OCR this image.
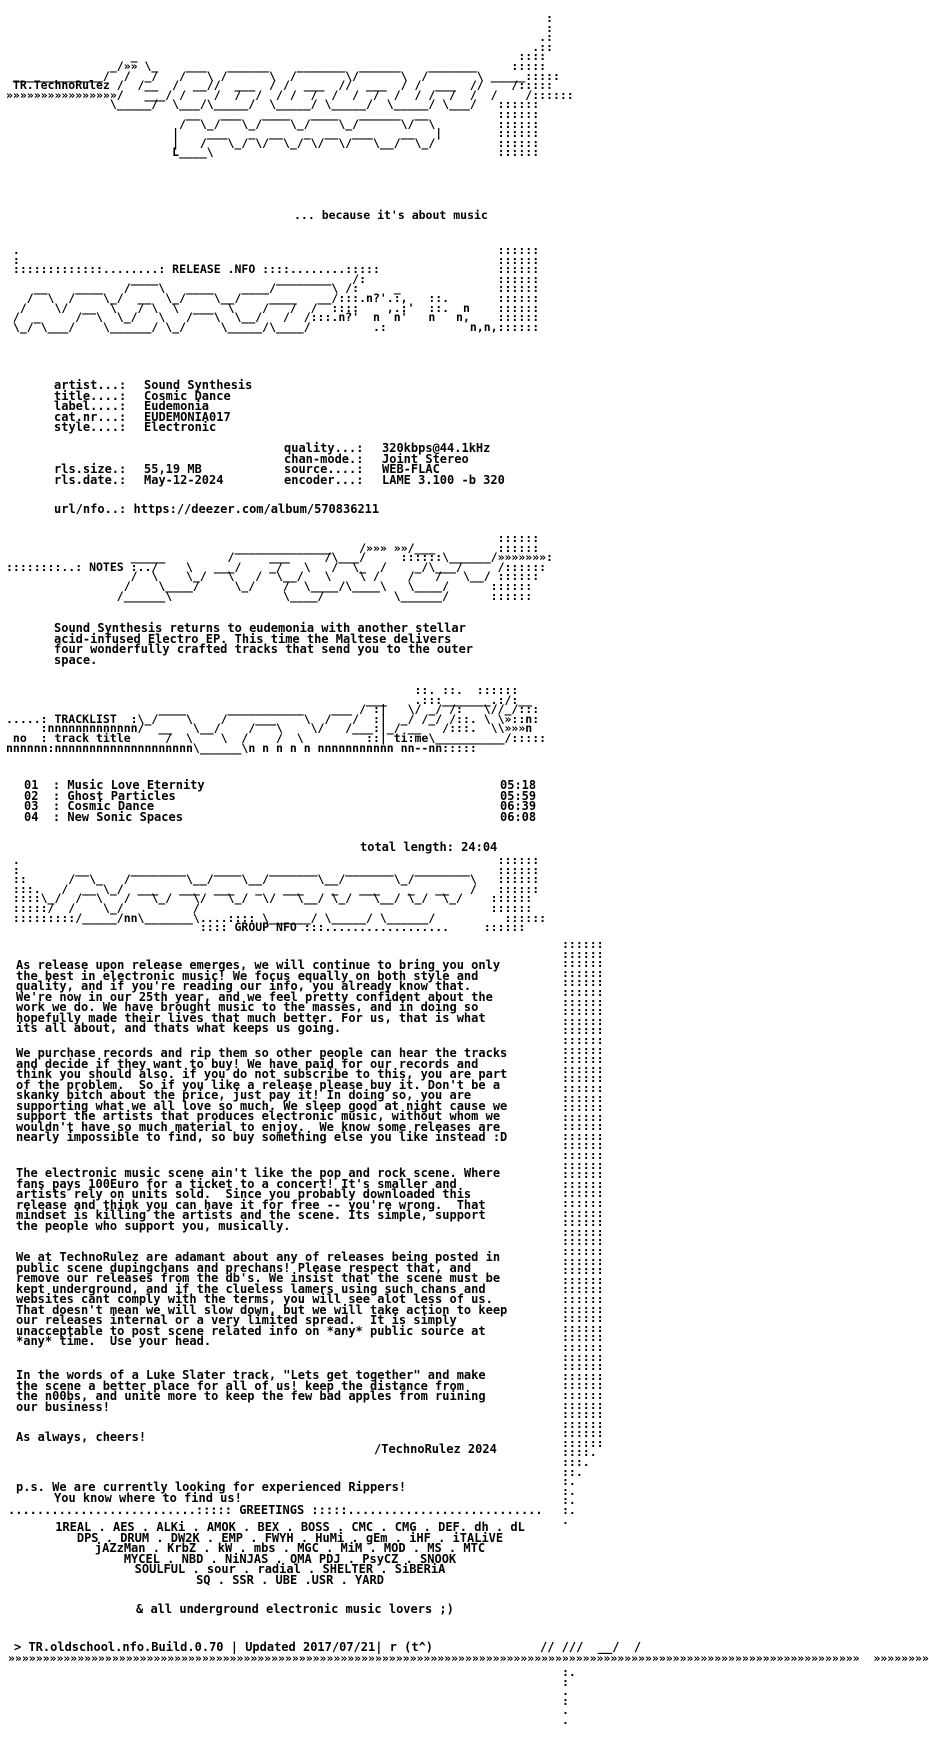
:
:
.:
.::
_                                                       ::::
_/»» \_    ___   ______    _______  ______    _______     :::::
_____________/  /  _/   /   \ /      \  /       \/      \  /       \ _____:::::
TR.TechnoRulez /  /__  /  __//  ___  / /  ___  //  ___  / /  ___  //    /:::::
»»»»»»»»»»»»»»»»/   ___/ /    /  /  /  / /  /  /  /  /  /  / /  /  /  /    /::::::
\_____/  \___/\_____/  \_____/ \_____/  \_____/ \___/   ::::::
__   ___   ____   ____   ______  __          ::::::
/  \_/   \_/    \_/    \_/      \/  \         ::::::
|    ___   _  __   _  __  ___    __   |        ::::::
|   /   \_/ \/  \_/ \/  \/   \__/  \_/         ::::::
L____\                                         ::::::
... because it's about music
.                                                                     ::::::
:                                                                     ::::::
:::::::::::::........: RELEASE .NFO ::::........:::::                 ::::::
____                 ________   /:                   ::::::
__    ____   /    \   ____    ____/        \ /:     _              ::::::
/  \  /    \_/  __  \_/    \__/    ____   __/:::.n?'.:,   ::.       ::::::
/    \/  __  \   / \  \  ___  \    /   /  /  ::::    ,.:'  ::.  n    ::::::
/  _     /  \  \_/   \   /   \  \__/   /  /:::.n?'  n  n'   n   n,    ::::::
\_/ \___/    \______/ \_/     \_____/\____/         .:            n,n,::::::
artist...:
title....:
label....:
cat.nr...:
style....:
Sound Synthesis
Cosmic Dance
Eudemonia
EUDEMONIA017
Electronic
rls.size.:
rls.date.:
55,19 MB
May-12-2024
quality...:
chan-mode.:
source....:
encoder...:
320kbps@44.1kHz
Joint Stereo
WEB-FLAC
LAME 3.100 -b 320
url/nfo..: https://deezer.com/album/570836211
::::::
______________    /»»» »»/___         ::::::
_____         /     ___     /\___/     ::::::\______/»»»»»»»:
::::::::..: NOTES :../    \   ___/    _/   \   /  \_  /    _/\___/     /::::::
/  \    \_/   \   /  \__/   \    \ /    /   /   \__/ ::::::
/    \____/     \_/    /  \____/\____\   \____/      ::::::
/______\                \____/          \______/      ::::::
Sound Synthesis returns to eudemonia with another stellar
acid-infused Electro EP. This time the Maltese delivers
four wonderfully crafted tracks that send you to the outer
space.
::. ::.  ::::::
___    .:::_______.:/:__
____      ___________    ___ / :|   \/ _/ /:   \//_/:::
.....: TRACKLIST  :\_/    \    /    ___    \  /   /  :|  _/ /_/ /::. \ \»::n:
:nnnnnnnnnnnnn/  __   \__/    /   \    \/   /___:|_/ __   /:::.  \\»»»n
no  : track title     /  \    \  /    /  \         ::| ti:me\__________/:::::
nnnnnn:nnnnnnnnnnnnnnnnnnnn\______\n n n n n nnnnnnnnnnn nn--nn:::::
01  : Music Love Eternity
02  : Ghost Particles
03  : Cosmic Dance
04  : New Sonic Spaces
05:18
05:59
06:39
06:08
total length: 24:04
.                                                                     ::::::
:        __      ________    ____    _______    _______   ________    ::::::
::      /  \_   /        \__/    \__/       \__/       \_/        \   ::::::
:::.   /  __ \_/  ___   ___  ___   _   ___    _   ___    _   __   /   ::::::
::::\_/  /  \   /   \_/   \/   \_/  \/   \__/ \_/   \__/ \_/  \_/    ::::::
:::::/  /    \_/          /                                          ::::::
:::::::::/_____/nn\_______\....:::: \______/ \_____/ \______/          ::::::
:::: GROUP NFO :::..................     ::::::
As release upon release emerges, we will continue to bring you only
the best in electronic music! We focus equally on both style and
quality, and if you're reading our info, you already know that.
We're now in our 25th year, and we feel pretty confident about the
work we do. We have brought music to the masses, and in doing so
hopefully made their lives that much better. For us, that is what
its all about, and thats what keeps us going.
We purchase records and rip them so other people can hear the tracks
and decide if they want to buy! We have paid for our records and
think you should also. if you do not subscribe to this, you are part
of the problem.  So if you like a release please buy it. Don't be a
skanky bitch about the price, just pay it! In doing so, you are
supporting what we all love so much. We sleep good at night cause we
support the artists that produces electronic music, without whom we
wouldn't have so much material to enjoy.  We know some releases are
nearly impossible to find, so buy something else you like instead :D
The electronic music scene ain't like the pop and rock scene. Where
fans pays 100Euro for a ticket to a concert! It's smaller and
artists rely on units sold.  Since you probably downloaded this
release and think you can have it for free -- you're wrong.  That
mindset is killing the artists and the scene. Its simple, support
the people who support you, musically.
We at TechnoRulez are adamant about any of releases being posted in
public scene dupingchans and prechans! Please respect that, and
remove our releases from the db's. We insist that the scene must be
kept underground, and if the clueless lamers using such chans and
websites cant comply with the terms, you will see alot less of us.
That doesn't mean we will slow down, but we will take action to keep
our releases internal or a very limited spread.  It is simply
unacceptable to post scene related info on *any* public source at
*any* time.  Use your head.
In the words of a Luke Slater track, "Lets get together" and make
the scene a better place for all of us! keep the distance from
the n00bs, and unite more to keep the few bad apples from ruining
our business!
As always, cheers!
/TechnoRulez 2024
p.s. We are currently looking for experienced Rippers!
You know where to find us!
..........................::::: GREETINGS :::::...........................
1REAL . AES . ALKi . AMOK . BEX . BOSS . CMC . CMG . DEF. dh . dL
DPS . DRUM . DW2K . EMP . FWYH . HuMi . gEm . iHF . iTALiVE
jAZzMan . KrbZ . kW . mbs . MGC . MiM . MOD . MS . MTC
MYCEL . NBD . NiNJAS . OMA PDJ . PsyCZ . SNOOK
SOULFUL . sour . radial . SHELTER . SiBERiA
SQ . SSR . UBE .USR . YARD
& all underground electronic music lovers ;)
::::::
::::::
::::::
::::::
::::::
::::::
::::::
::::::
::::::
::::::
::::::
::::::
::::::
::::::
::::::
::::::
::::::
::::::
::::::
::::::
::::::
::::::
::::::
::::::
::::::
::::::
::::::
::::::
::::::
::::::
::::::
::::::
::::::
::::::
::::::
::::::
::::::
::::::
::::::
::::::
::::::
::::::
::::::
::::::
::::::
::::::
::::::
::::::
::::::
::::::
::::::
::::::
::::::
::::.
:::.
::.
:.
:.
:.
:.
.
> TR.oldschool.nfo.Build.0.70 | Updated 2017/07/21| r (t^)	// ///  __/  /
»»»»»»»»»»»»»»»»»»»»»»»»»»»»»»»»»»»»»»»»»»»»»»»»»»»»»»»»»»»»»»»»»»»»»»»»»»»»»»»»»»»»»»»»»»»»»»»»»»»»»»»»»»»»»»»»»»»»»»»»»»»  »»»»»»»»
:.
:
.
:
.
.
